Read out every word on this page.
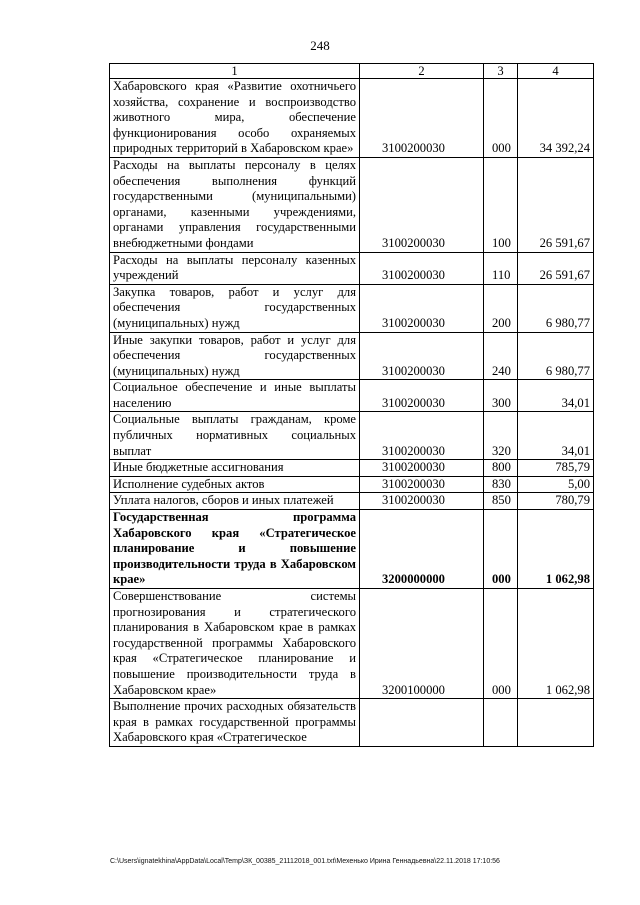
248
1	2	3	4
Хабаровского края «Развитие охотничьего хозяйства, сохранение и воспроизводство животного мира, обеспечение функционирования особо охраняемых природных территорий в Хабаровском крае»	3100200030	000	34 392,24
Расходы на выплаты персоналу в целях обеспечения выполнения функций государственными (муниципальными) органами, казенными учреждениями, органами управления государственными внебюджетными фондами	3100200030	100	26 591,67
Расходы на выплаты персоналу казенных учреждений	3100200030	110	26 591,67
Закупка товаров, работ и услуг для обеспечения государственных (муниципальных) нужд	3100200030	200	6 980,77
Иные закупки товаров, работ и услуг для обеспечения государственных (муниципальных) нужд	3100200030	240	6 980,77
Социальное обеспечение и иные выплаты населению	3100200030	300	34,01
Социальные выплаты гражданам, кроме публичных нормативных социальных выплат	3100200030	320	34,01
Иные бюджетные ассигнования	3100200030	800	785,79
Исполнение судебных актов	3100200030	830	5,00
Уплата налогов, сборов и иных платежей	3100200030	850	780,79
Государственная программа Хабаровского края «Стратегическое планирование и повышение производительности труда в Хабаровском крае»	3200000000	000	1 062,98
Совершенствование системы прогнозирования и стратегического планирования в Хабаровском крае в рамках государственной программы Хабаровского края «Стратегическое планирование и повышение производительности труда в Хабаровском крае»	3200100000	000	1 062,98
Выполнение прочих расходных обязательств края в рамках государственной программы Хабаровского края «Стратегическое			
C:\Users\ignatekhina\AppData\Local\Temp\ЗК_00385_21112018_001.txt\Мехенько Ирина Геннадьевна\22.11.2018 17:10:56
